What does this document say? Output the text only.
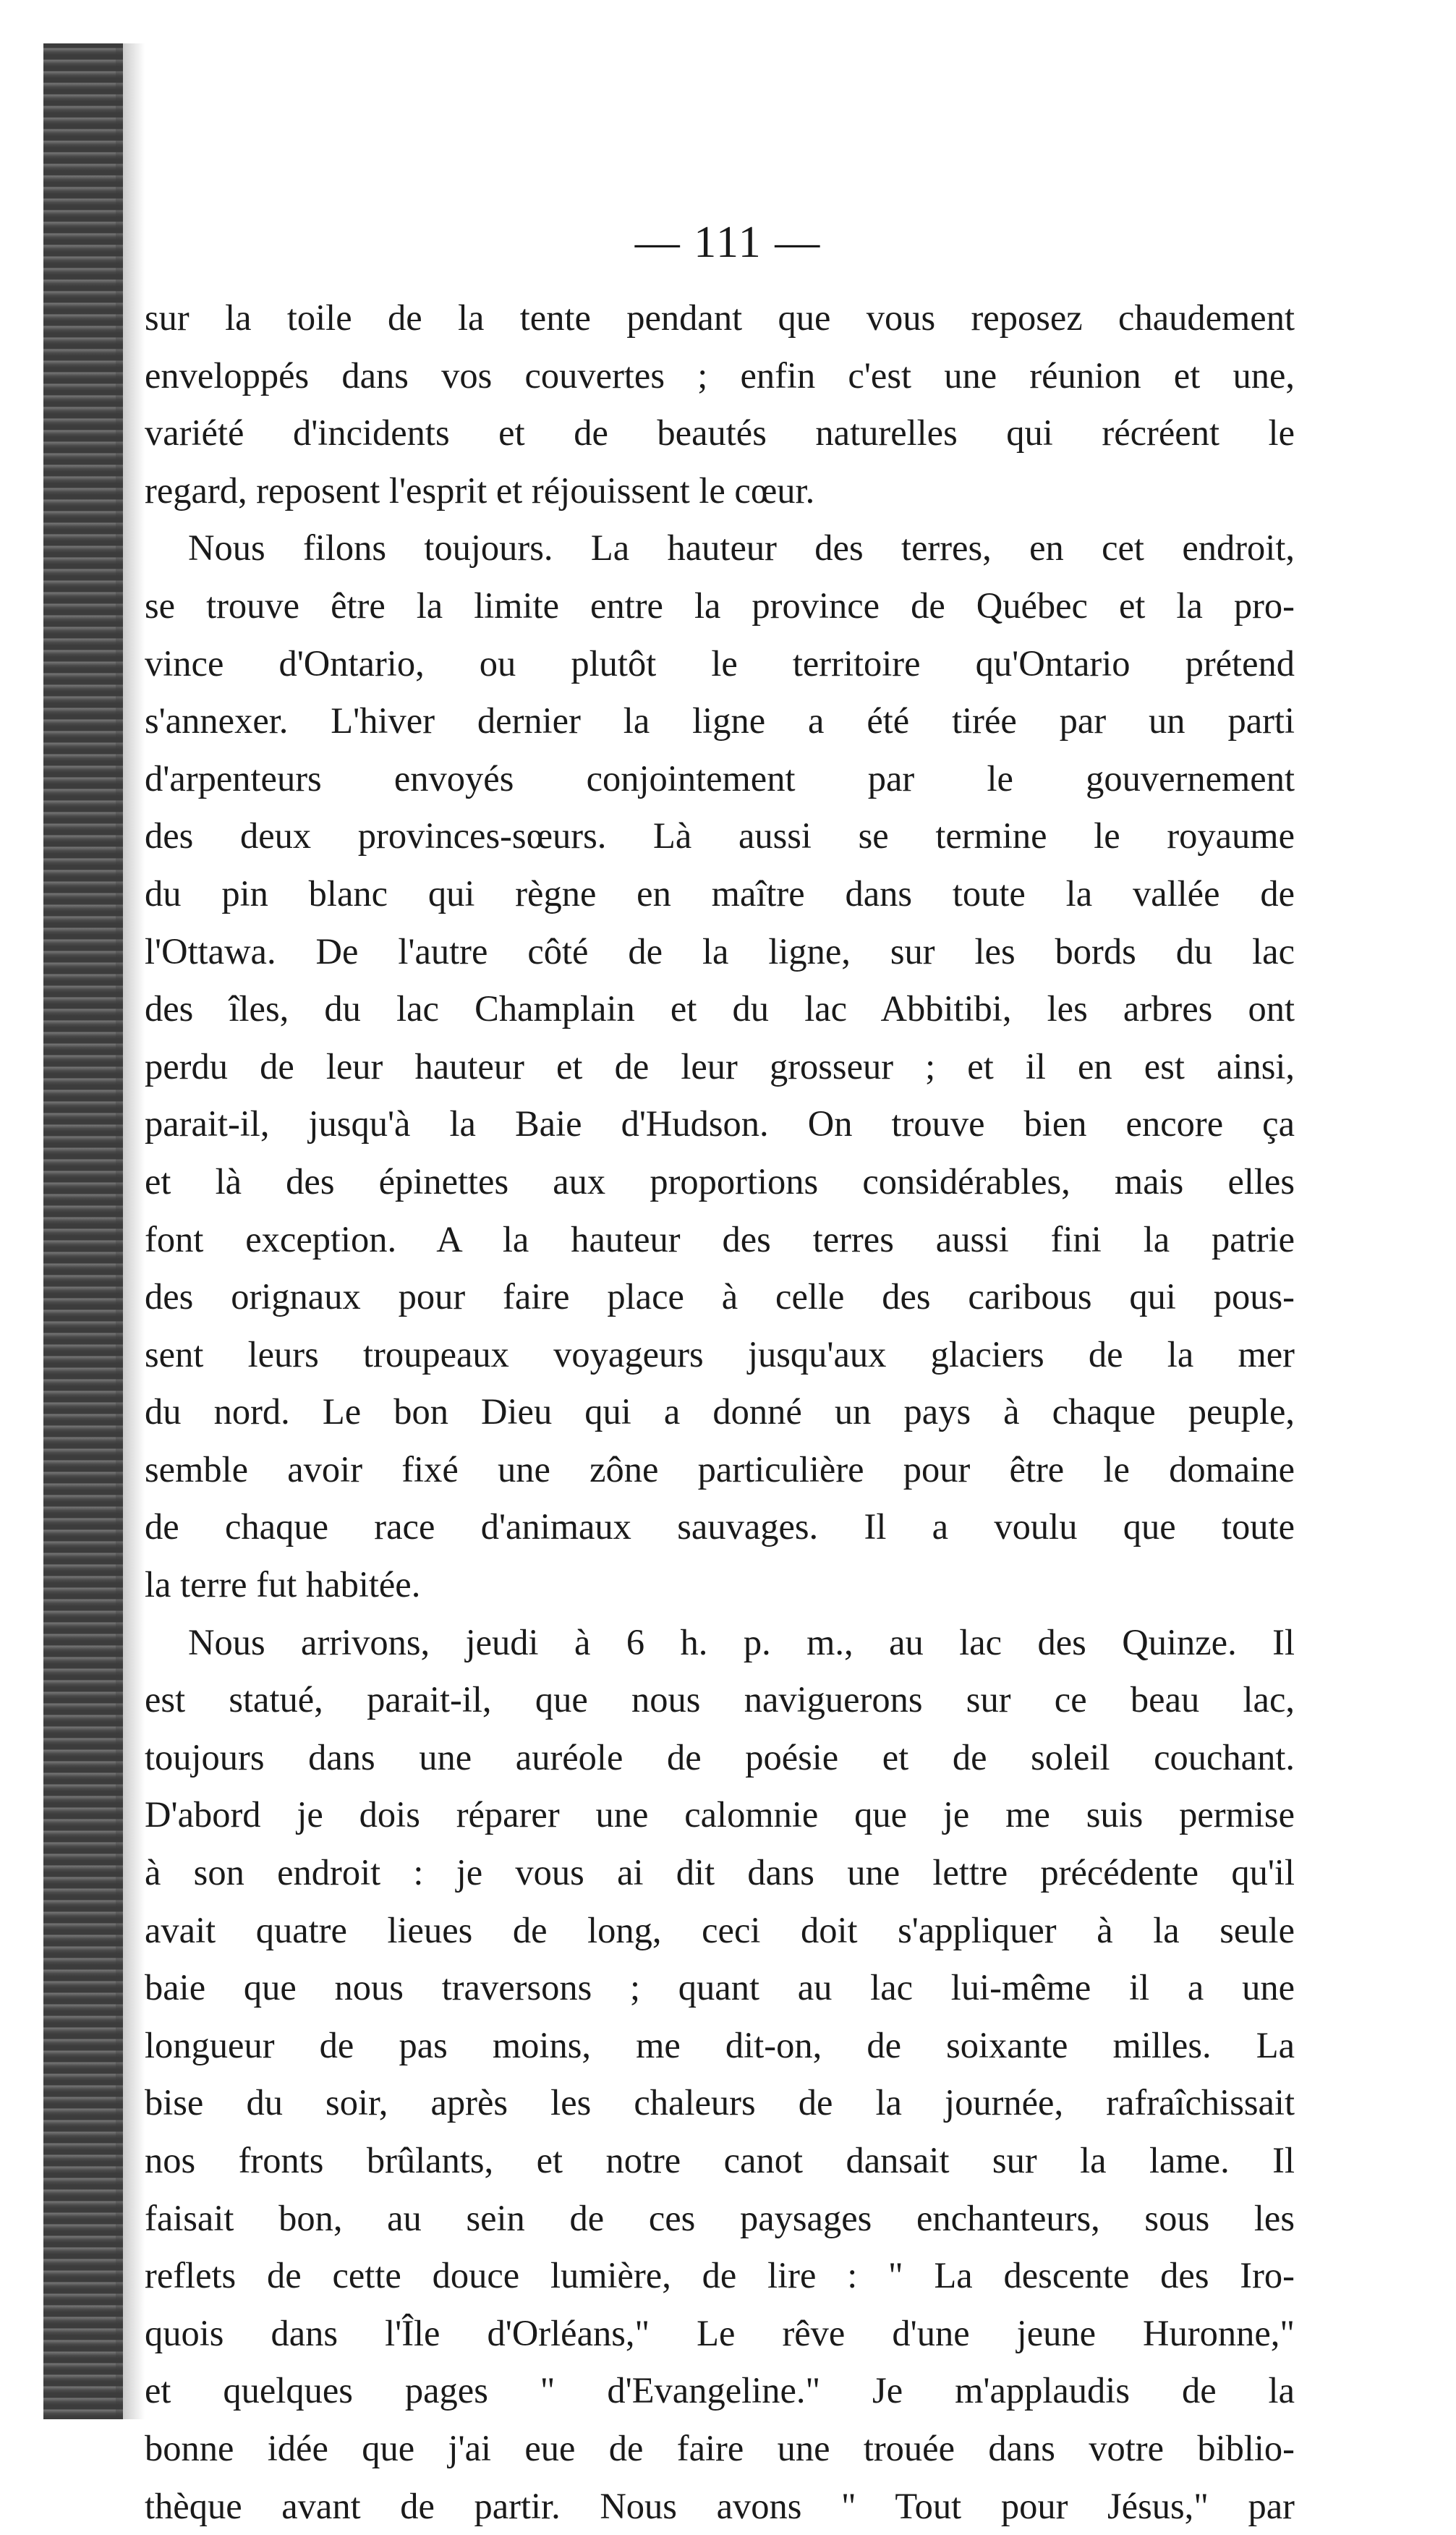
— 111 —

sur la toile de la tente pendant que vous reposez chaudement

enveloppés dans vos couvertes ; enfin c'est une réunion et une,

variété d'incidents et de beautés naturelles qui récréent le

regard, reposent l'esprit et réjouissent le cœur.

Nous filons toujours. La hauteur des terres, en cet endroit,

se trouve être la limite entre la province de Québec et la pro-

vince d'Ontario, ou plutôt le territoire qu'Ontario prétend

s'annexer. L'hiver dernier la ligne a été tirée par un parti

d'arpenteurs envoyés conjointement par le gouvernement

des deux provinces-sœurs. Là aussi se termine le royaume

du pin blanc qui règne en maître dans toute la vallée de

l'Ottawa. De l'autre côté de la ligne, sur les bords du lac

des îles, du lac Champlain et du lac Abbitibi, les arbres ont

perdu de leur hauteur et de leur grosseur ; et il en est ainsi,

parait-il, jusqu'à la Baie d'Hudson. On trouve bien encore ça

et là des épinettes aux proportions considérables, mais elles

font exception. A la hauteur des terres aussi fini la patrie

des orignaux pour faire place à celle des caribous qui pous-

sent leurs troupeaux voyageurs jusqu'aux glaciers de la mer

du nord. Le bon Dieu qui a donné un pays à chaque peuple,

semble avoir fixé une zône particulière pour être le domaine

de chaque race d'animaux sauvages. Il a voulu que toute

la terre fut habitée.

Nous arrivons, jeudi à 6 h. p. m., au lac des Quinze. Il

est statué, parait-il, que nous naviguerons sur ce beau lac,

toujours dans une auréole de poésie et de soleil couchant.

D'abord je dois réparer une calomnie que je me suis permise

à son endroit : je vous ai dit dans une lettre précédente qu'il

avait quatre lieues de long, ceci doit s'appliquer à la seule

baie que nous traversons ; quant au lac lui-même il a une

longueur de pas moins, me dit-on, de soixante milles. La

bise du soir, après les chaleurs de la journée, rafraîchissait

nos fronts brûlants, et notre canot dansait sur la lame. Il

faisait bon, au sein de ces paysages enchanteurs, sous les

reflets de cette douce lumière, de lire : " La descente des Iro-

quois dans l'Île d'Orléans," Le rêve d'une jeune Huronne,"

et quelques pages " d'Evangeline." Je m'applaudis de la

bonne idée que j'ai eue de faire une trouée dans votre biblio-

thèque avant de partir. Nous avons " Tout pour Jésus," par
